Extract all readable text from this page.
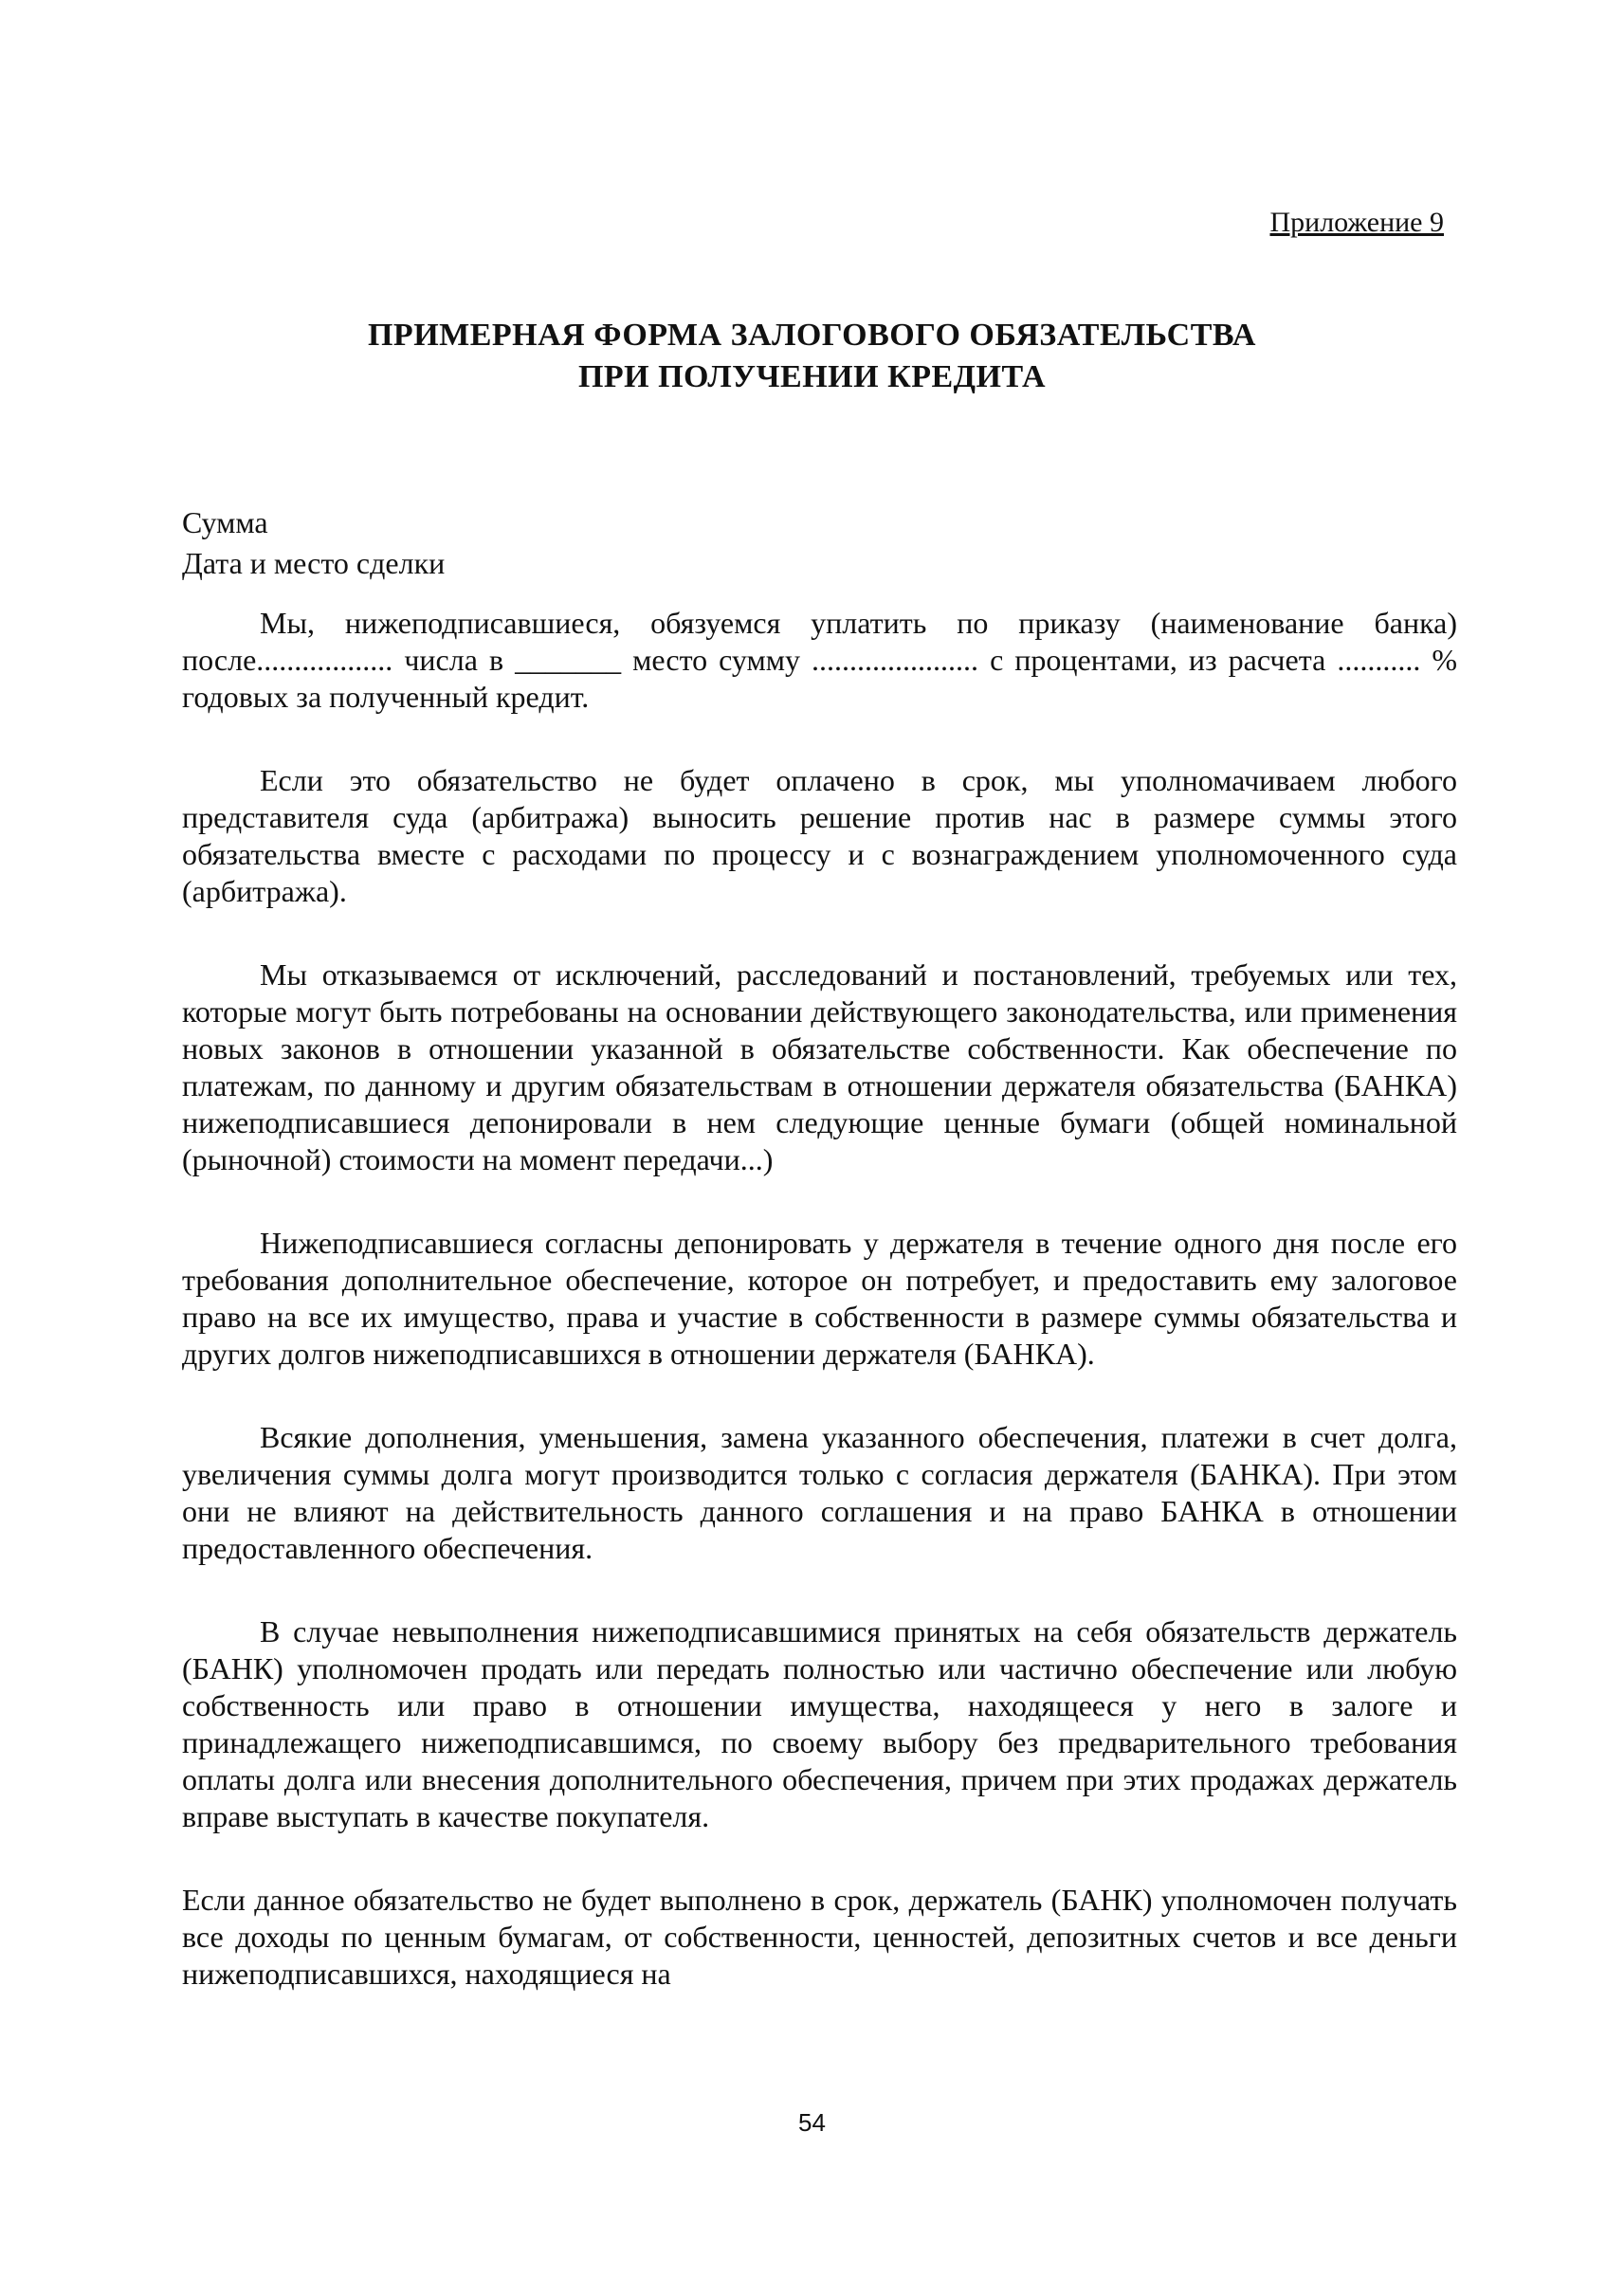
Приложение 9
ПРИМЕРНАЯ ФОРМА ЗАЛОГОВОГО ОБЯЗАТЕЛЬСТВА
ПРИ ПОЛУЧЕНИИ КРЕДИТА
Сумма
Дата и место сделки

Мы, нижеподписавшиеся, обязуемся уплатить по приказу (наименование банка) после.................. числа в _______ место сумму ...................... с процентами, из расчета ........... % годовых за полученный кредит.

Если это обязательство не будет оплачено в срок, мы уполномачиваем любого представителя суда (арбитража) выносить решение против нас в размере суммы этого обязательства вместе с расходами по процессу и с вознаграждением уполномоченного суда (арбитража).

Мы отказываемся от исключений, расследований и постановлений, требуемых или тех, которые могут быть потребованы на основании действующего законодательства, или применения новых законов в отношении указанной в обязательстве собственности. Как обеспечение по платежам, по данному и другим обязательствам в отношении держателя обязательства (БАНКА) нижеподписавшиеся депонировали в нем следующие ценные бумаги (общей номинальной (рыночной) стоимости на момент передачи...)

Нижеподписавшиеся согласны депонировать у держателя в течение одного дня после его требования дополнительное обеспечение, которое он потребует, и предоставить ему залоговое право на все их имущество, права и участие в собственности в размере суммы обязательства и других долгов нижеподписавшихся в отношении держателя (БАНКА).

Всякие дополнения, уменьшения, замена указанного обеспечения, платежи в счет долга, увеличения суммы долга могут производится только с согласия держателя (БАНКА). При этом они не влияют на действительность данного соглашения и на право БАНКА в отношении предоставленного обеспечения.

В случае невыполнения нижеподписавшимися принятых на себя обязательств держатель (БАНК) уполномочен продать или передать полностью или частично обеспечение или любую собственность или право в отношении имущества, находящееся у него в залоге и принадлежащего нижеподписавшимся, по своему выбору без предварительного требования оплаты долга или внесения дополнительного обеспечения, причем при этих продажах держатель вправе выступать в качестве покупателя.

Если данное обязательство не будет выполнено в срок, держатель (БАНК) уполномочен получать все доходы по ценным бумагам, от собственности, ценностей, депозитных счетов и все деньги нижеподписавшихся, находящиеся на

54
